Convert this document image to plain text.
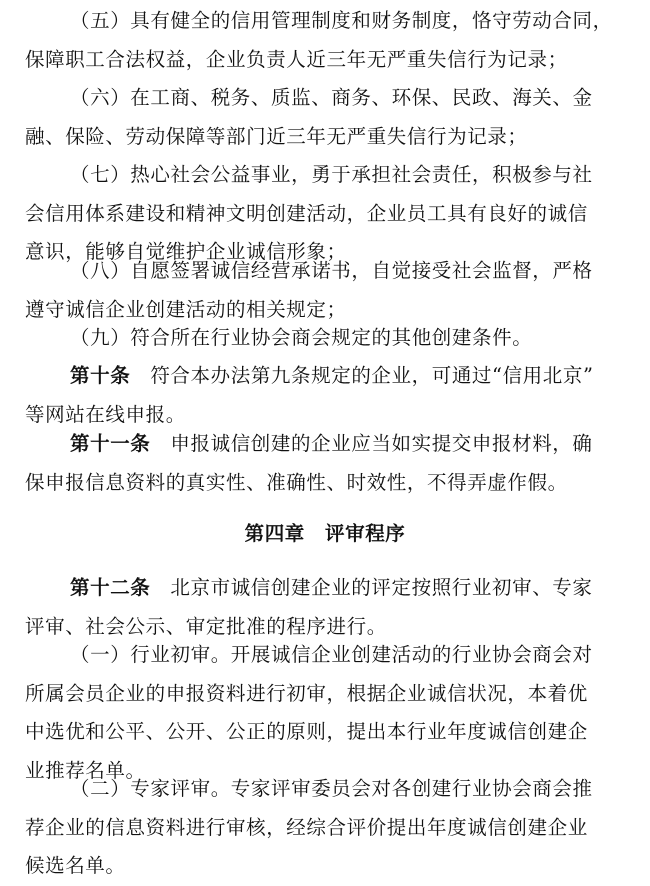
（五）具有健全的信用管理制度和财务制度，恪守劳动合同，
保障职工合法权益，企业负责人近三年无严重失信行为记录；
（六）在工商、税务、质监、商务、环保、民政、海关、金
融、保险、劳动保障等部门近三年无严重失信行为记录；
（七）热心社会公益事业，勇于承担社会责任，积极参与社
会信用体系建设和精神文明创建活动，企业员工具有良好的诚信
意识，能够自觉维护企业诚信形象；
（八）自愿签署诚信经营承诺书，自觉接受社会监督，严格
遵守诚信企业创建活动的相关规定；
（九）符合所在行业协会商会规定的其他创建条件。
第十条 符合本办法第九条规定的企业，可通过“信用北京”
等网站在线申报。
第十一条 申报诚信创建的企业应当如实提交申报材料，确
保申报信息资料的真实性、准确性、时效性，不得弄虚作假。
第四章　评审程序
第十二条 北京市诚信创建企业的评定按照行业初审、专家
评审、社会公示、审定批准的程序进行。
（一）行业初审。开展诚信企业创建活动的行业协会商会对
所属会员企业的申报资料进行初审，根据企业诚信状况，本着优
中选优和公平、公开、公正的原则，提出本行业年度诚信创建企
业推荐名单。
（二）专家评审。专家评审委员会对各创建行业协会商会推
荐企业的信息资料进行审核，经综合评价提出年度诚信创建企业
候选名单。
